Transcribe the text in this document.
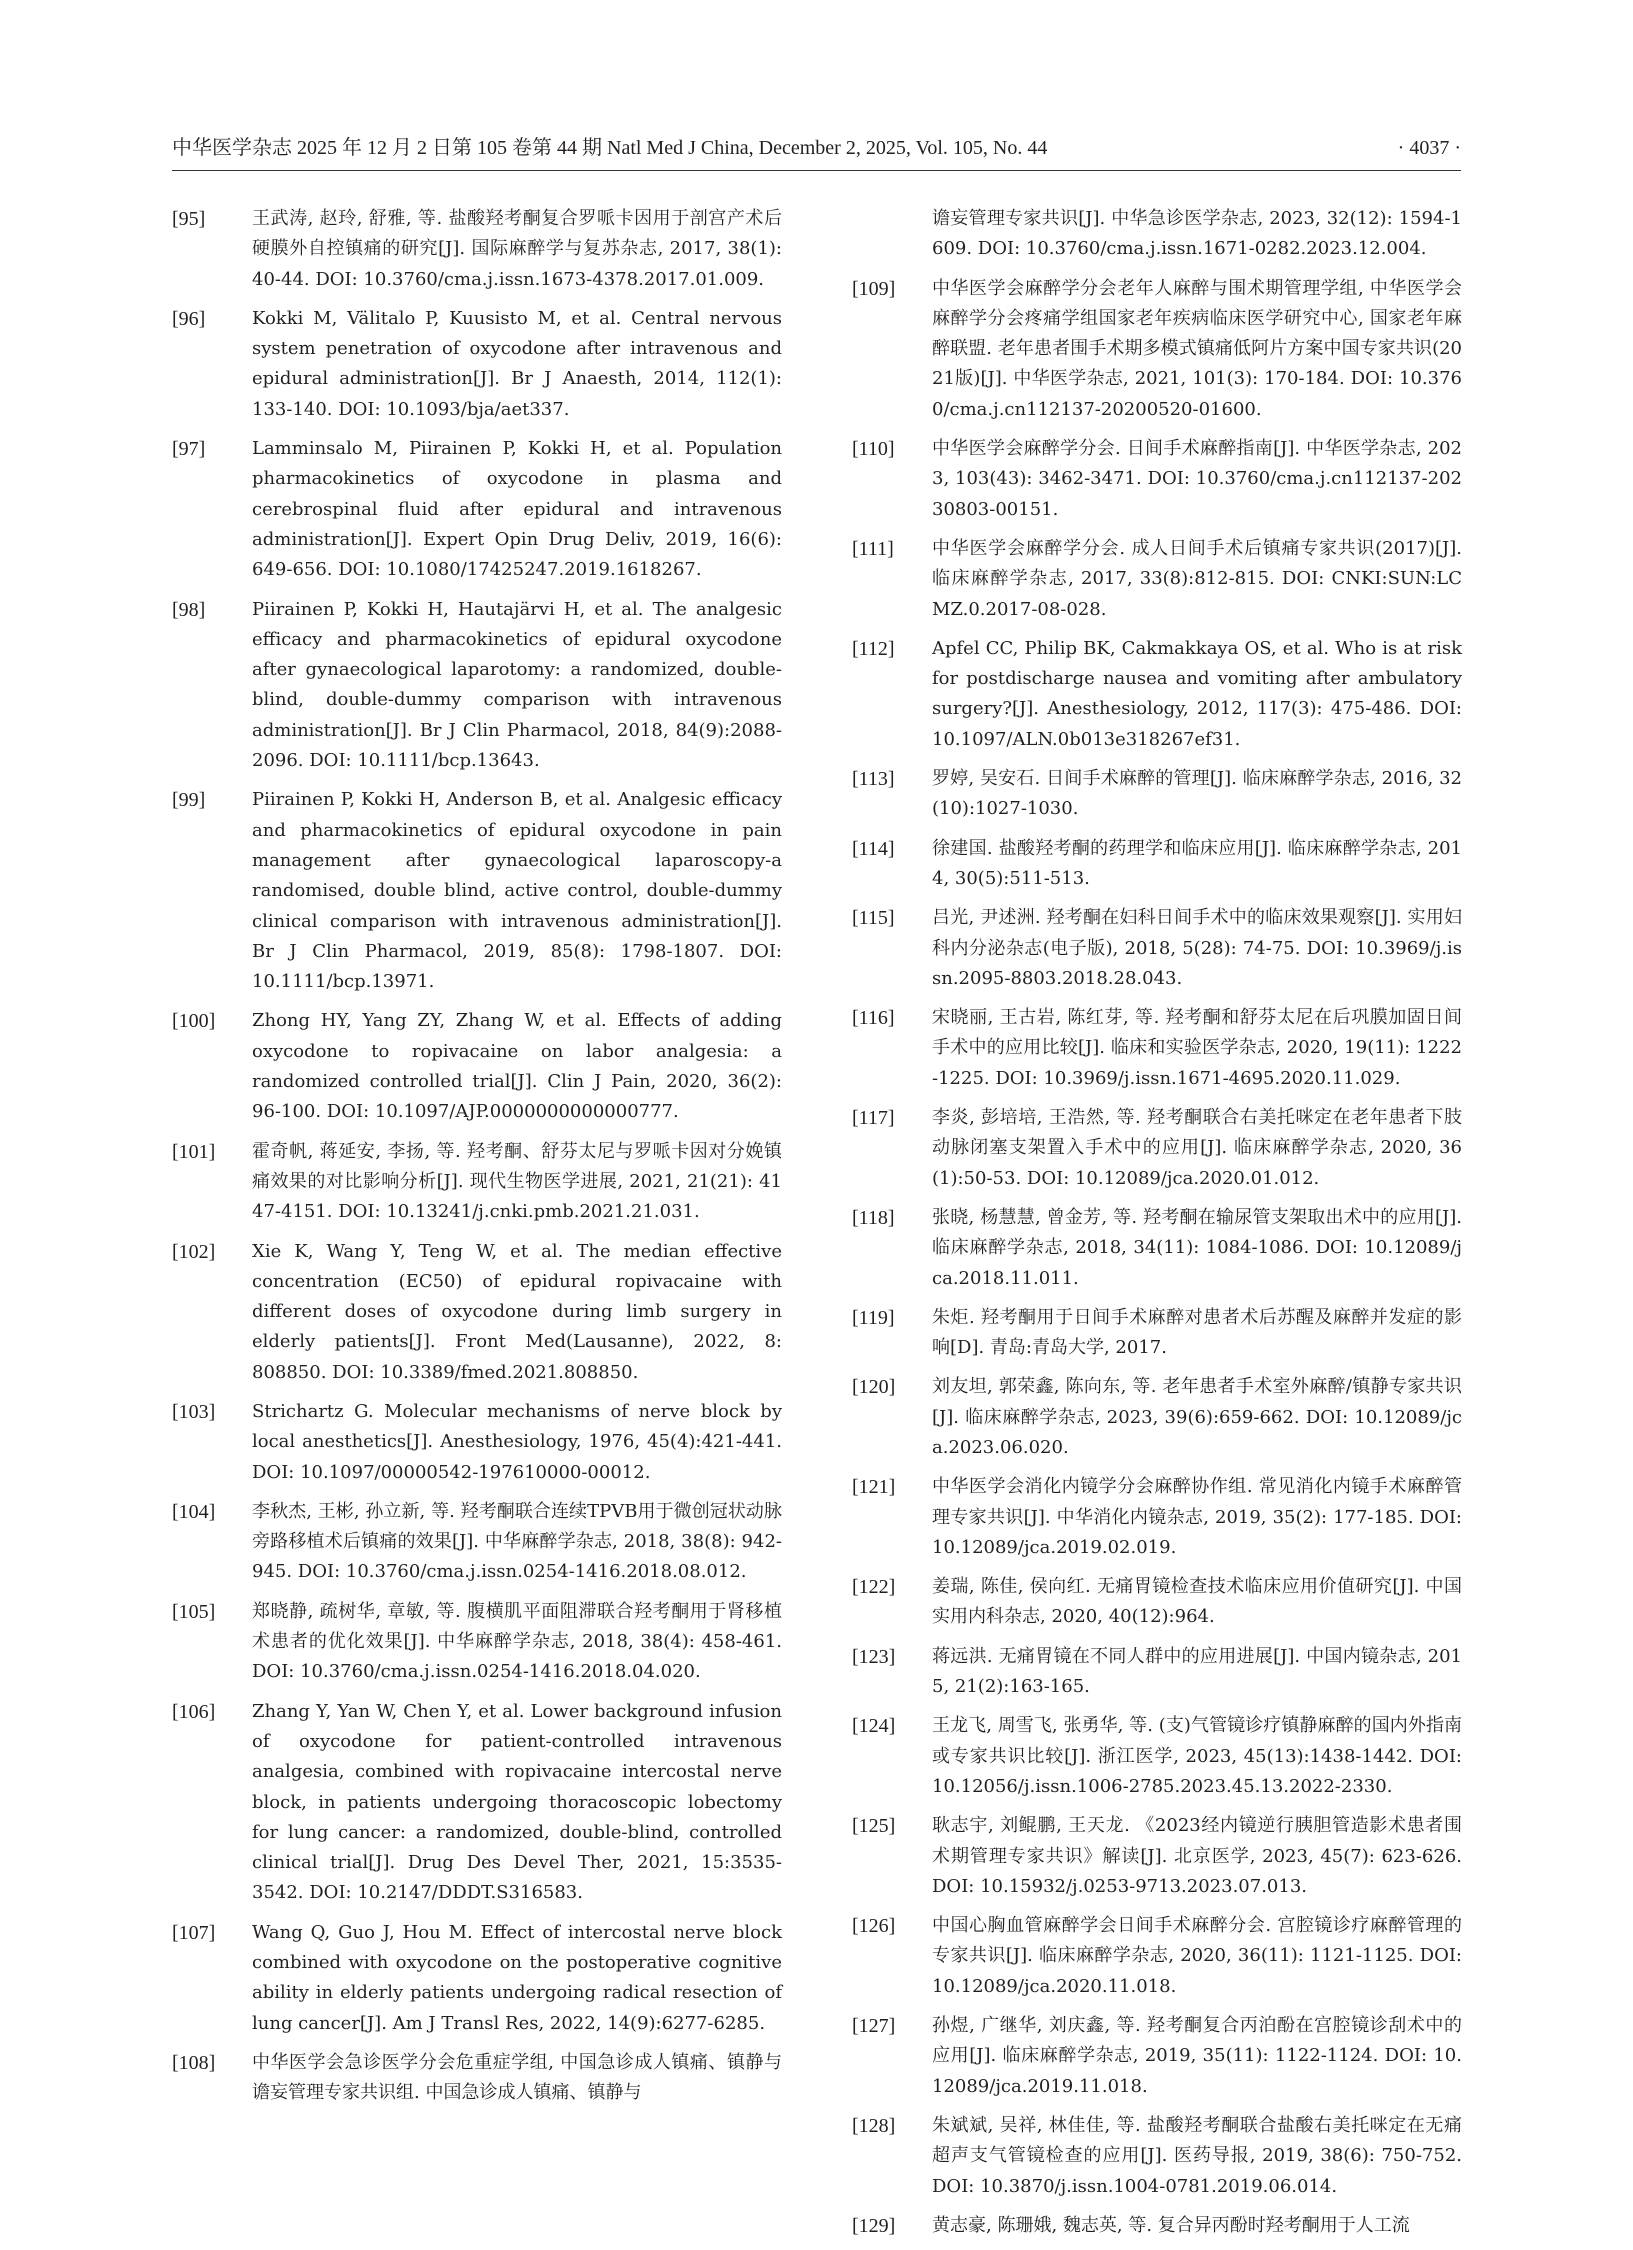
中华医学杂志 2025 年 12 月 2 日第 105 卷第 44 期 Natl Med J China, December 2, 2025, Vol. 105, No. 44	· 4037 ·
[95]	王武涛, 赵玲, 舒雅, 等. 盐酸羟考酮复合罗哌卡因用于剖宫产术后硬膜外自控镇痛的研究[J]. 国际麻醉学与复苏杂志, 2017, 38(1): 40-44. DOI: 10.3760/cma.j.issn.1673-4378.2017.01.009.
[96]	Kokki M, Välitalo P, Kuusisto M, et al. Central nervous system penetration of oxycodone after intravenous and epidural administration[J]. Br J Anaesth, 2014, 112(1): 133-140. DOI: 10.1093/bja/aet337.
[97]	Lamminsalo M, Piirainen P, Kokki H, et al. Population pharmacokinetics of oxycodone in plasma and cerebrospinal fluid after epidural and intravenous administration[J]. Expert Opin Drug Deliv, 2019, 16(6): 649-656. DOI: 10.1080/17425247.2019.1618267.
[98]	Piirainen P, Kokki H, Hautajärvi H, et al. The analgesic efficacy and pharmacokinetics of epidural oxycodone after gynaecological laparotomy: a randomized, double-blind, double-dummy comparison with intravenous administration[J]. Br J Clin Pharmacol, 2018, 84(9):2088-2096. DOI: 10.1111/bcp.13643.
[99]	Piirainen P, Kokki H, Anderson B, et al. Analgesic efficacy and pharmacokinetics of epidural oxycodone in pain management after gynaecological laparoscopy-a randomised, double blind, active control, double-dummy clinical comparison with intravenous administration[J]. Br J Clin Pharmacol, 2019, 85(8): 1798-1807. DOI: 10.1111/bcp.13971.
[100]	Zhong HY, Yang ZY, Zhang W, et al. Effects of adding oxycodone to ropivacaine on labor analgesia: a randomized controlled trial[J]. Clin J Pain, 2020, 36(2): 96-100. DOI: 10.1097/AJP.0000000000000777.
[101]	霍奇帆, 蒋延安, 李扬, 等. 羟考酮、舒芬太尼与罗哌卡因对分娩镇痛效果的对比影响分析[J]. 现代生物医学进展, 2021, 21(21): 4147-4151. DOI: 10.13241/j.cnki.pmb.2021.21.031.
[102]	Xie K, Wang Y, Teng W, et al. The median effective concentration (EC50) of epidural ropivacaine with different doses of oxycodone during limb surgery in elderly patients[J]. Front Med(Lausanne), 2022, 8: 808850. DOI: 10.3389/fmed.2021.808850.
[103]	Strichartz G. Molecular mechanisms of nerve block by local anesthetics[J]. Anesthesiology, 1976, 45(4):421-441. DOI: 10.1097/00000542-197610000-00012.
[104]	李秋杰, 王彬, 孙立新, 等. 羟考酮联合连续TPVB用于微创冠状动脉旁路移植术后镇痛的效果[J]. 中华麻醉学杂志, 2018, 38(8): 942-945. DOI: 10.3760/cma.j.issn.0254-1416.2018.08.012.
[105]	郑晓静, 疏树华, 章敏, 等. 腹横肌平面阻滞联合羟考酮用于肾移植术患者的优化效果[J]. 中华麻醉学杂志, 2018, 38(4): 458-461. DOI: 10.3760/cma.j.issn.0254-1416.2018.04.020.
[106]	Zhang Y, Yan W, Chen Y, et al. Lower background infusion of oxycodone for patient-controlled intravenous analgesia, combined with ropivacaine intercostal nerve block, in patients undergoing thoracoscopic lobectomy for lung cancer: a randomized, double-blind, controlled clinical trial[J]. Drug Des Devel Ther, 2021, 15:3535-3542. DOI: 10.2147/DDDT.S316583.
[107]	Wang Q, Guo J, Hou M. Effect of intercostal nerve block combined with oxycodone on the postoperative cognitive ability in elderly patients undergoing radical resection of lung cancer[J]. Am J Transl Res, 2022, 14(9):6277-6285.
[108]	中华医学会急诊医学分会危重症学组, 中国急诊成人镇痛、镇静与谵妄管理专家共识组. 中国急诊成人镇痛、镇静与
谵妄管理专家共识[J]. 中华急诊医学杂志, 2023, 32(12): 1594-1609. DOI: 10.3760/cma.j.issn.1671-0282.2023.12.004.
[109]	中华医学会麻醉学分会老年人麻醉与围术期管理学组, 中华医学会麻醉学分会疼痛学组国家老年疾病临床医学研究中心, 国家老年麻醉联盟. 老年患者围手术期多模式镇痛低阿片方案中国专家共识(2021版)[J]. 中华医学杂志, 2021, 101(3): 170-184. DOI: 10.3760/cma.j.cn112137-20200520-01600.
[110]	中华医学会麻醉学分会. 日间手术麻醉指南[J]. 中华医学杂志, 2023, 103(43): 3462-3471. DOI: 10.3760/cma.j.cn112137-20230803-00151.
[111]	中华医学会麻醉学分会. 成人日间手术后镇痛专家共识(2017)[J]. 临床麻醉学杂志, 2017, 33(8):812-815. DOI: CNKI:SUN:LCMZ.0.2017-08-028.
[112]	Apfel CC, Philip BK, Cakmakkaya OS, et al. Who is at risk for postdischarge nausea and vomiting after ambulatory surgery?[J]. Anesthesiology, 2012, 117(3): 475-486. DOI: 10.1097/ALN.0b013e318267ef31.
[113]	罗婷, 吴安石. 日间手术麻醉的管理[J]. 临床麻醉学杂志, 2016, 32(10):1027-1030.
[114]	徐建国. 盐酸羟考酮的药理学和临床应用[J]. 临床麻醉学杂志, 2014, 30(5):511-513.
[115]	吕光, 尹述洲. 羟考酮在妇科日间手术中的临床效果观察[J]. 实用妇科内分泌杂志(电子版), 2018, 5(28): 74-75. DOI: 10.3969/j.issn.2095-8803.2018.28.043.
[116]	宋晓丽, 王古岩, 陈红芽, 等. 羟考酮和舒芬太尼在后巩膜加固日间手术中的应用比较[J]. 临床和实验医学杂志, 2020, 19(11): 1222-1225. DOI: 10.3969/j.issn.1671-4695.2020.11.029.
[117]	李炎, 彭培培, 王浩然, 等. 羟考酮联合右美托咪定在老年患者下肢动脉闭塞支架置入手术中的应用[J]. 临床麻醉学杂志, 2020, 36(1):50-53. DOI: 10.12089/jca.2020.01.012.
[118]	张晓, 杨慧慧, 曾金芳, 等. 羟考酮在输尿管支架取出术中的应用[J]. 临床麻醉学杂志, 2018, 34(11): 1084-1086. DOI: 10.12089/jca.2018.11.011.
[119]	朱炬. 羟考酮用于日间手术麻醉对患者术后苏醒及麻醉并发症的影响[D]. 青岛:青岛大学, 2017.
[120]	刘友坦, 郭荣鑫, 陈向东, 等. 老年患者手术室外麻醉/镇静专家共识[J]. 临床麻醉学杂志, 2023, 39(6):659-662. DOI: 10.12089/jca.2023.06.020.
[121]	中华医学会消化内镜学分会麻醉协作组. 常见消化内镜手术麻醉管理专家共识[J]. 中华消化内镜杂志, 2019, 35(2): 177-185. DOI: 10.12089/jca.2019.02.019.
[122]	姜瑞, 陈佳, 侯向红. 无痛胃镜检查技术临床应用价值研究[J]. 中国实用内科杂志, 2020, 40(12):964.
[123]	蒋远洪. 无痛胃镜在不同人群中的应用进展[J]. 中国内镜杂志, 2015, 21(2):163-165.
[124]	王龙飞, 周雪飞, 张勇华, 等. (支)气管镜诊疗镇静麻醉的国内外指南或专家共识比较[J]. 浙江医学, 2023, 45(13):1438-1442. DOI: 10.12056/j.issn.1006-2785.2023.45.13.2022-2330.
[125]	耿志宇, 刘鲲鹏, 王天龙. 《2023经内镜逆行胰胆管造影术患者围术期管理专家共识》解读[J]. 北京医学, 2023, 45(7): 623-626. DOI: 10.15932/j.0253-9713.2023.07.013.
[126]	中国心胸血管麻醉学会日间手术麻醉分会. 宫腔镜诊疗麻醉管理的专家共识[J]. 临床麻醉学杂志, 2020, 36(11): 1121-1125. DOI: 10.12089/jca.2020.11.018.
[127]	孙煜, 广继华, 刘庆鑫, 等. 羟考酮复合丙泊酚在宫腔镜诊刮术中的应用[J]. 临床麻醉学杂志, 2019, 35(11): 1122-1124. DOI: 10.12089/jca.2019.11.018.
[128]	朱斌斌, 吴祥, 林佳佳, 等. 盐酸羟考酮联合盐酸右美托咪定在无痛超声支气管镜检查的应用[J]. 医药导报, 2019, 38(6): 750-752. DOI: 10.3870/j.issn.1004-0781.2019.06.014.
[129]	黄志豪, 陈珊娥, 魏志英, 等. 复合异丙酚时羟考酮用于人工流
